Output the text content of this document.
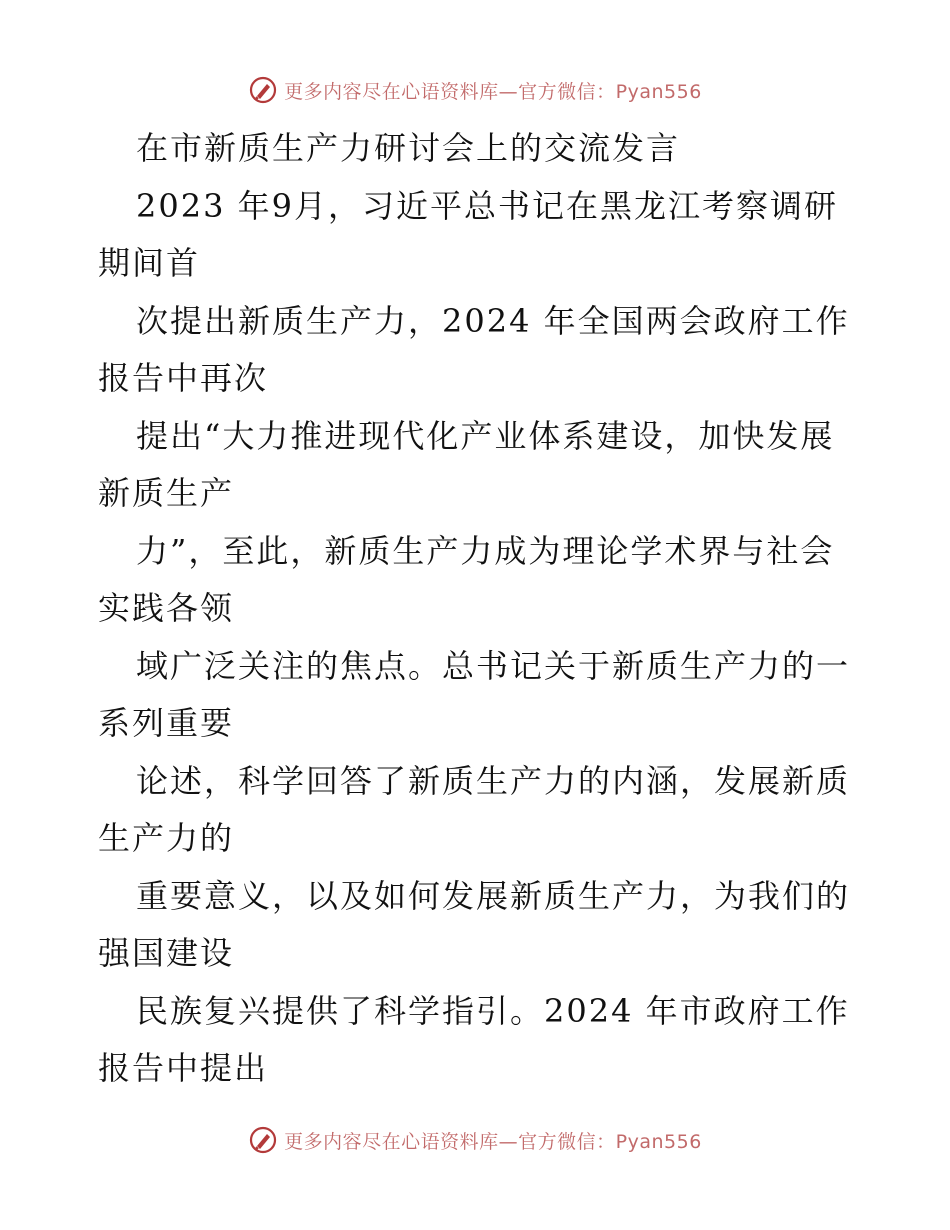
更多内容尽在心语资料库—官方微信：Pyan556
在市新质生产力研讨会上的交流发言
2023 年9月，习近平总书记在黑龙江考察调研
期间首
次提出新质生产力，2024 年全国两会政府工作
报告中再次
提出“大力推进现代化产业体系建设，加快发展
新质生产
力”，至此，新质生产力成为理论学术界与社会
实践各领
域广泛关注的焦点。总书记关于新质生产力的一
系列重要
论述，科学回答了新质生产力的内涵，发展新质
生产力的
重要意义，以及如何发展新质生产力，为我们的
强国建设
民族复兴提供了科学指引。2024 年市政府工作
报告中提出
更多内容尽在心语资料库—官方微信：Pyan556
